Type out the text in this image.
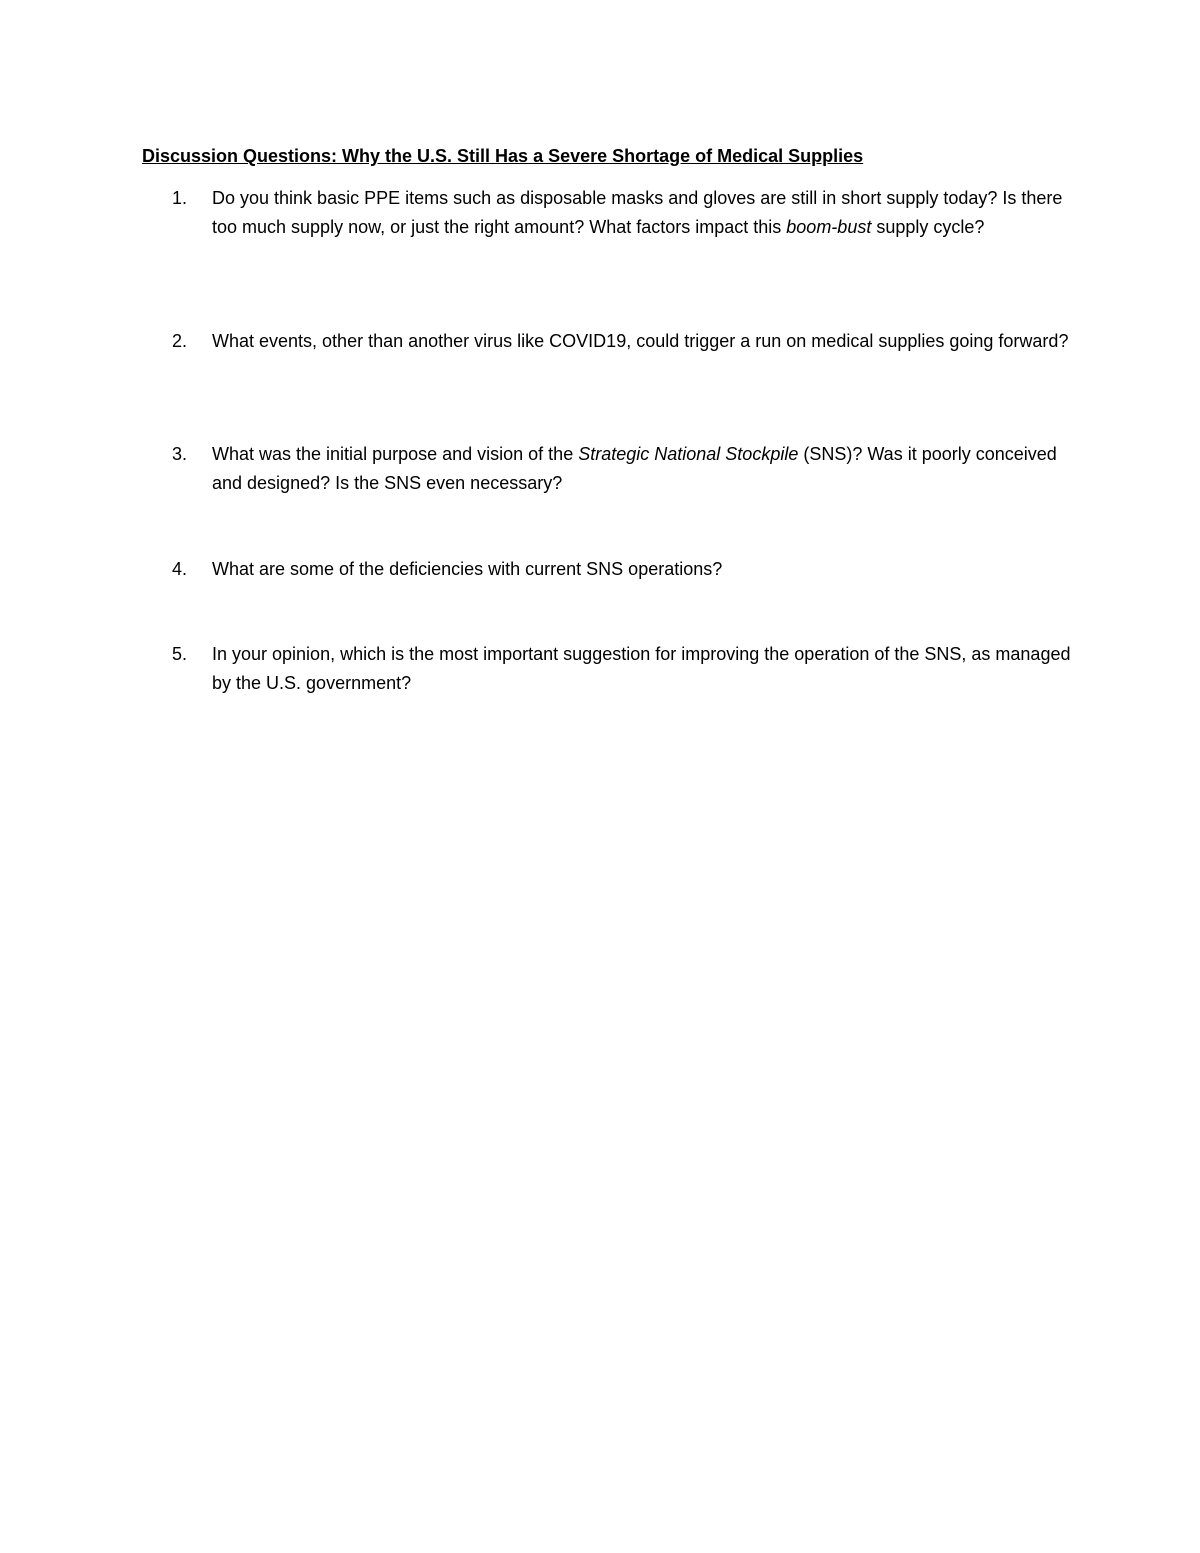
Discussion Questions: Why the U.S. Still Has a Severe Shortage of Medical Supplies
1.	Do you think basic PPE items such as disposable masks and gloves are still in short supply today? Is there too much supply now, or just the right amount? What factors impact this boom-bust supply cycle?
2.	What events, other than another virus like COVID19, could trigger a run on medical supplies going forward?
3.	What was the initial purpose and vision of the Strategic National Stockpile (SNS)? Was it poorly conceived and designed? Is the SNS even necessary?
4.	What are some of the deficiencies with current SNS operations?
5.	In your opinion, which is the most important suggestion for improving the operation of the SNS, as managed by the U.S. government?
